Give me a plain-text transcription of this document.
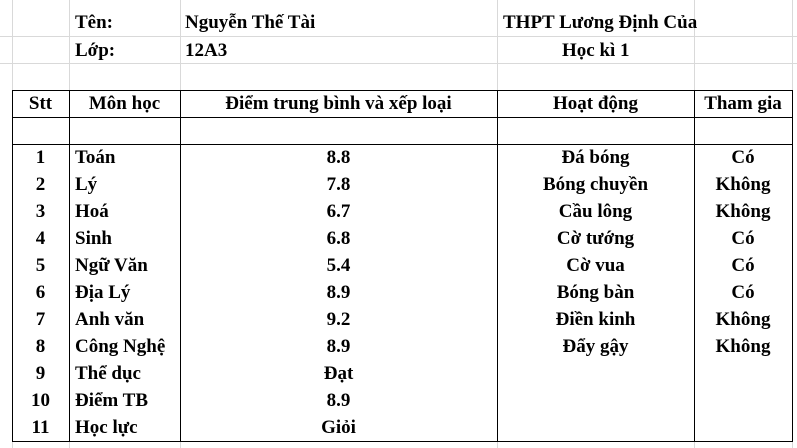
Tên:	Nguyễn Thế Tài	THPT Lương Định Của
Lớp:	12A3	Học kì 1
Stt	Môn học	Điểm trung bình và xếp loại	Hoạt động	Tham gia
1	Toán	8.8	Đá bóng	Có
2	Lý	7.8	Bóng chuyền	Không
3	Hoá	6.7	Cầu lông	Không
4	Sinh	6.8	Cờ tướng	Có
5	Ngữ Văn	5.4	Cờ vua	Có
6	Địa Lý	8.9	Bóng bàn	Có
7	Anh văn	9.2	Điền kinh	Không
8	Công Nghệ	8.9	Đẩy gậy	Không
9	Thể dục	Đạt
10	Điểm TB	8.9
11	Học lực	Giỏi
